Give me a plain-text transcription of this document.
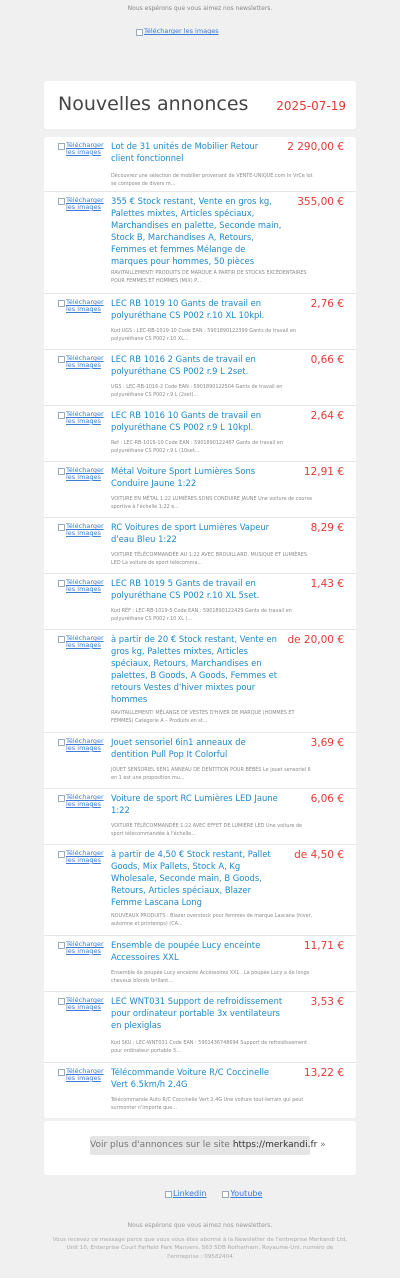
Nous espérons que vous aimez nos newsletters.
Télécharger les images
Nouvelles annonces 2025-07-19
Télécharger les images
Lot de 31 unités de Mobilier Retour client fonctionnel
2 290,00 €
Découvrez une sélection de mobilier provenant de VENTE-UNIQUE.com In VrCe lot se compose de divers m...
Télécharger les images
355 € Stock restant, Vente en gros kg, Palettes mixtes, Articles spéciaux, Marchandises en palette, Seconde main, Stock B, Marchandises A, Retours, Femmes et femmes Mélange de marques pour hommes, 50 pièces
355,00 €
RAVITAILLEMENT! PRODUITS DE MARQUE À PARTIR DE STOCKS EXCÉDENTAIRES POUR FEMMES ET HOMMES (MIX) P...
Télécharger les images
LEC RB 1019 10 Gants de travail en polyuréthane CS P002 r.10 XL 10kpl.
2,76 €
Kod UGS : LEC-RB-1019-10 Code EAN : 5901890122399 Gants de travail en polyuréthane CS P002 r.10 XL...
Télécharger les images
LEC RB 1016 2 Gants de travail en polyuréthane CS P002 r.9 L 2set.
0,66 €
UGS : LEC-RB-1016-2 Code EAN : 5901890122504 Gants de travail en polyuréthane CS P002 r.9 L (2set)...
Télécharger les images
LEC RB 1016 10 Gants de travail en polyuréthane CS P002 r.9 L 10kpl.
2,64 €
Ref : LEC-RB-1016-10 Code EAN : 5901890122467 Gants de travail en polyuréthane CS P002 r.9 L (10set...
Télécharger les images
Métal Voiture Sport Lumières Sons Conduire Jaune 1:22
12,91 €
VOITURE EN MÉTAL 1:22 LUMIÈRES SONS CONDUIRE JAUNE Une voiture de course sportive à l'échelle 1:22 e...
Télécharger les images
RC Voitures de sport Lumières Vapeur d'eau Bleu 1:22
8,29 €
VOITURE TÉLÉCOMMANDÉE AU 1:22 AVEC BROUILLARD, MUSIQUE ET LUMIÈRES LED La voiture de sport télécomma...
Télécharger les images
LEC RB 1019 5 Gants de travail en polyuréthane CS P002 r.10 XL 5set.
1,43 €
Kod RÉF : LEC-RB-1019-5 Code EAN : 5901890122429 Gants de travail en polyuréthane CS P002 r.10 XL (...
Télécharger les images
à partir de 20 € Stock restant, Vente en gros kg, Palettes mixtes, Articles spéciaux, Retours, Marchandises en palettes, B Goods, A Goods, Femmes et retours Vestes d'hiver mixtes pour hommes
de 20,00 €
RAVITAILLEMENT! MÉLANGE DE VESTES D'HIVER DE MARQUE (HOMMES ET FEMMES) Catégorie A – Produits en st...
Télécharger les images
Jouet sensoriel 6in1 anneaux de dentition Pull Pop It Colorful
3,69 €
JOUET SENSORIEL 6EN1 ANNEAU DE DENTITION POUR BÉBÉS Le jouet sensoriel 6 en 1 est une proposition mu...
Télécharger les images
Voiture de sport RC Lumières LED Jaune 1:22
6,06 €
VOITURE TÉLÉCOMMANDÉE 1:22 AVEC EFFET DE LUMIÈRE LED Une voiture de sport télécommandée à l'échelle...
Télécharger les images
à partir de 4,50 € Stock restant, Pallet Goods, Mix Pallets, Stock A, Kg Wholesale, Seconde main, B Goods, Retours, Articles spéciaux, Blazer Femme Lascana Long
de 4,50 €
NOUVEAUX PRODUITS : Blazer overstock pour femmes de marque Lascana (hiver, automne et printemps) (CA...
Télécharger les images
Ensemble de poupée Lucy enceinte Accessoires XXL
11,71 €
Ensemble de poupée Lucy enceinte Accessoires XXL . La poupée Lucy a de longs cheveux blonds brillant...
Télécharger les images
LEC WNT031 Support de refroidissement pour ordinateur portable 3x ventilateurs en plexiglas
3,53 €
Kod SKU : LEC-WNT031 Code EAN : 5901436748694 Support de refroidissement pour ordinateur portable 3...
Télécharger les images
Télécommande Voiture R/C Coccinelle Vert 6.5km/h 2.4G
13,22 €
Télécommande Auto R/C Coccinelle Vert 2.4G Une voiture tout-terrain qui peut surmonter n'importe que...
Voir plus d'annonces sur le site https://merkandi.fr »
Linkedin	Youtube
Nous espérons que vous aimez nos newsletters.
Vous recevez ce message parce que vous vous êtes abonné à la Newsletter de l'entreprise Merkandi Ltd, Unit 10, Enterprise Court Farfield Park Manvers, S63 5DB Rotherham, Royaume-Uni, numéro de l'entreprise : 09582404
